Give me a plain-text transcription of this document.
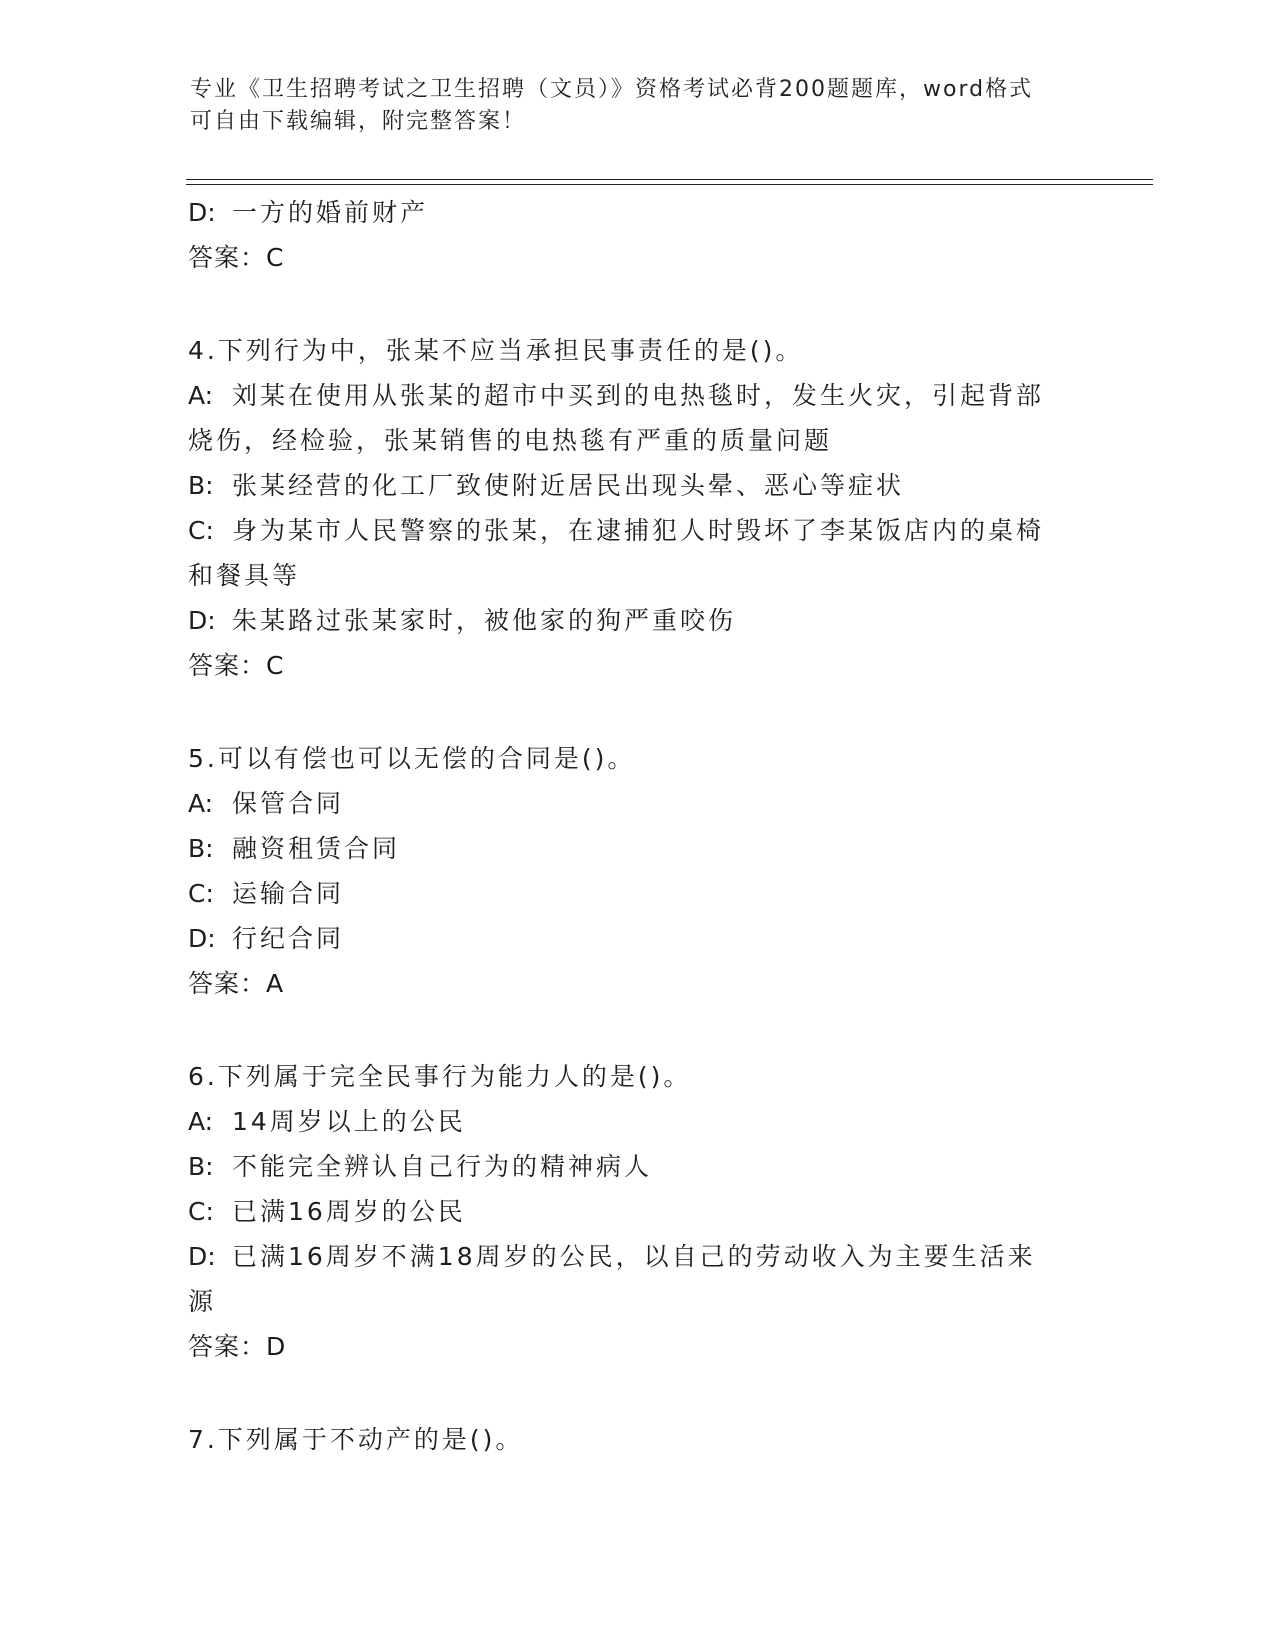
专业《卫生招聘考试之卫生招聘（文员）》资格考试必背200题题库，word格式
可自由下载编辑，附完整答案！
D: 一方的婚前财产
答案：C
4.下列行为中，张某不应当承担民事责任的是()。
A: 刘某在使用从张某的超市中买到的电热毯时，发生火灾，引起背部
烧伤，经检验，张某销售的电热毯有严重的质量问题
B: 张某经营的化工厂致使附近居民出现头晕、恶心等症状
C: 身为某市人民警察的张某，在逮捕犯人时毁坏了李某饭店内的桌椅
和餐具等
D: 朱某路过张某家时，被他家的狗严重咬伤
答案：C
5.可以有偿也可以无偿的合同是()。
A: 保管合同
B: 融资租赁合同
C: 运输合同
D: 行纪合同
答案：A
6.下列属于完全民事行为能力人的是()。
A: 14周岁以上的公民
B: 不能完全辨认自己行为的精神病人
C: 已满16周岁的公民
D: 已满16周岁不满18周岁的公民，以自己的劳动收入为主要生活来
源
答案：D
7.下列属于不动产的是()。
